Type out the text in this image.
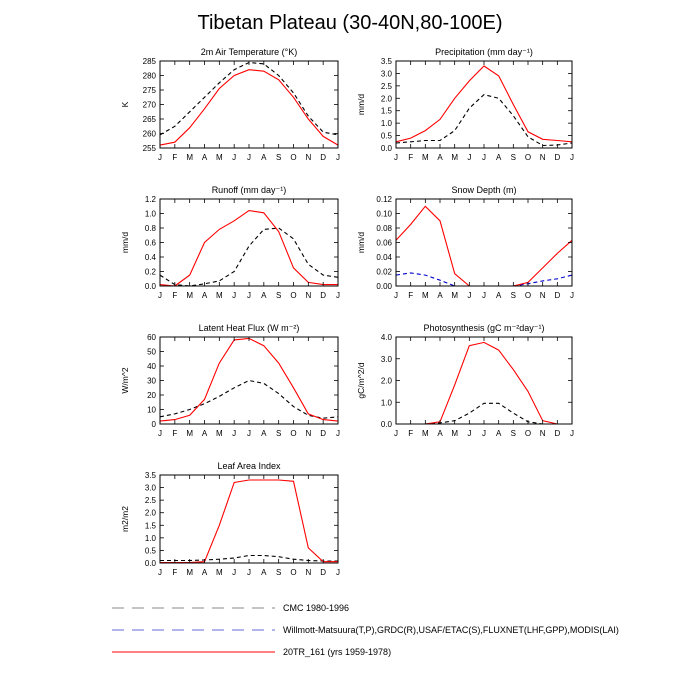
Tibetan Plateau (30-40N,80-100E)
2m Air Temperature (°K)
K
255
260
265
270
275
280
285
J F M A M J J A S O N D J
Precipitation (mm day⁻¹)
mm/d
0.0
0.5
1.0
1.5
2.0
2.5
3.0
3.5
J F M A M J J A S O N D J
Runoff (mm day⁻¹)
mm/d
0.0
0.2
0.4
0.6
0.8
1.0
1.2
J F M A M J J A S O N D J
Snow Depth (m)
mm/d
0.00
0.02
0.04
0.06
0.08
0.10
0.12
J F M A M J J A S O N D J
Latent Heat Flux (W m⁻²)
W/m^2
0
10
20
30
40
50
60
J F M A M J J A S O N D J
Photosynthesis (gC m⁻²day⁻¹)
gC/m^2/d
0.0
1.0
2.0
3.0
4.0
J F M A M J J A S O N D J
Leaf Area Index
m2/m2
0.0
0.5
1.0
1.5
2.0
2.5
3.0
3.5
J F M A M J J A S O N D J
CMC 1980-1996
Willmott-Matsuura(T,P),GRDC(R),USAF/ETAC(S),FLUXNET(LHF,GPP),MODIS(LAI)
20TR_161 (yrs 1959-1978)
